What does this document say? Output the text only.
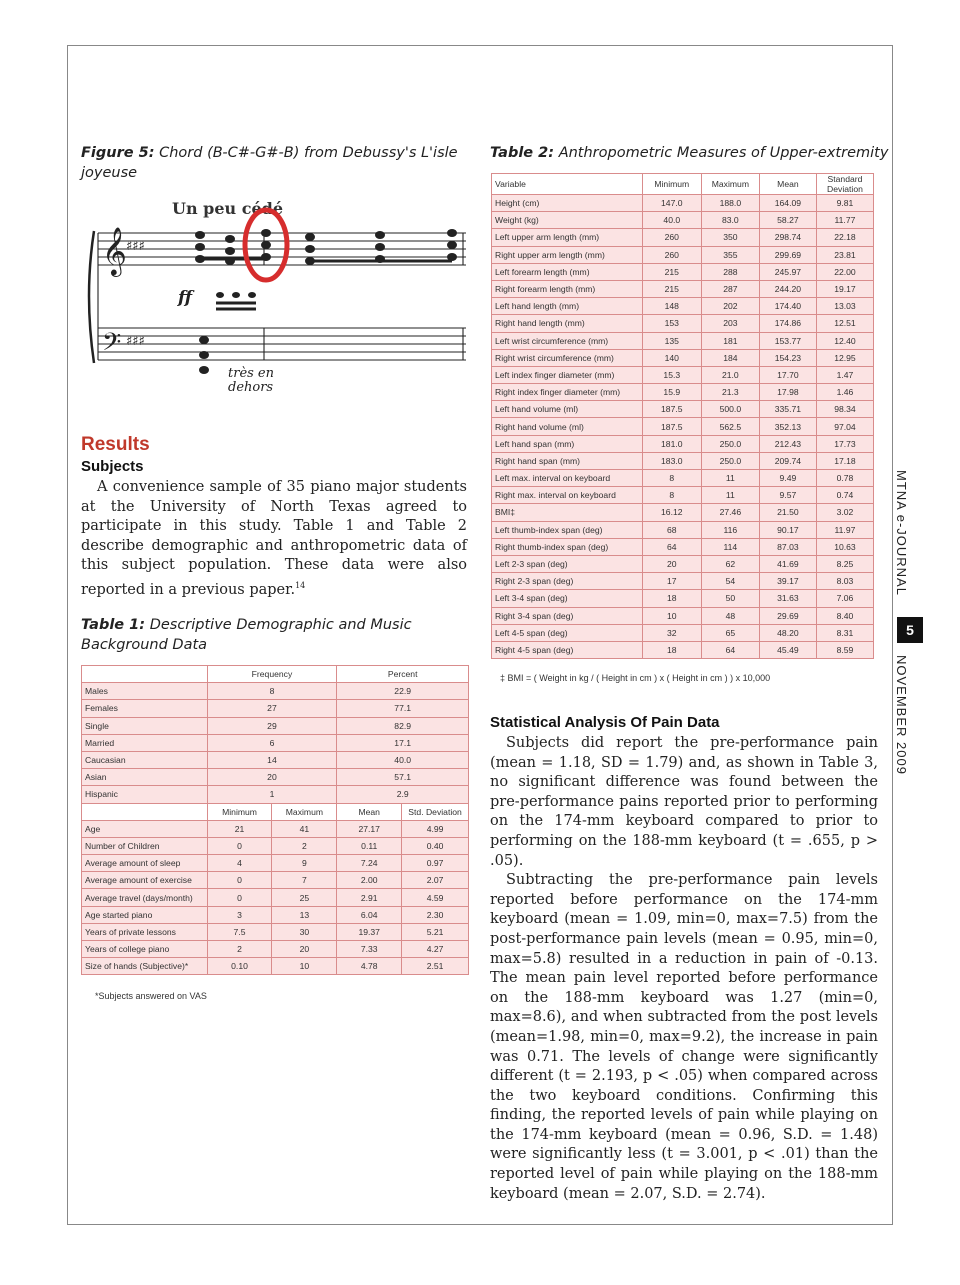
Figure 5: Chord (B-C#-G#-B) from Debussy's L'isle joyeuse
Un peu cédé
𝄞
𝄢
♯♯♯
♯♯♯
ff
très en
dehors
Results
Subjects
A convenience sample of 35 piano major students at the University of North Texas agreed to participate in this study. Table 1 and Table 2 describe demographic and anthropometric data of this subject population. These data were also reported in a previous paper.$^{14}$
Table 1: Descriptive Demographic and Music Background Data
	Frequency		Percent	
Males	8		22.9	
Females	27		77.1	
Single	29		82.9	
Married	6		17.1	
Caucasian	14		40.0	
Asian	20		57.1	
Hispanic	1		2.9	
	Minimum	Maximum	Mean	Std. Deviation
Age	21	41	27.17	4.99
Number of Children	0	2	0.11	0.40
Average amount of sleep	4	9	7.24	0.97
Average amount of exercise	0	7	2.00	2.07
Average travel (days/month)	0	25	2.91	4.59
Age started piano	3	13	6.04	2.30
Years of private lessons	7.5	30	19.37	5.21
Years of college piano	2	20	7.33	4.27
Size of hands (Subjective)*	0.10	10	4.78	2.51
*Subjects answered on VAS
Table 2: Anthropometric Measures of Upper-extremity
Variable	Minimum	Maximum	Mean	Standard Deviation
Height (cm)	147.0	188.0	164.09	9.81
Weight (kg)	40.0	83.0	58.27	11.77
Left upper arm length (mm)	260	350	298.74	22.18
Right upper arm length (mm)	260	355	299.69	23.81
Left forearm length (mm)	215	288	245.97	22.00
Right forearm length (mm)	215	287	244.20	19.17
Left hand length (mm)	148	202	174.40	13.03
Right hand length (mm)	153	203	174.86	12.51
Left wrist circumference (mm)	135	181	153.77	12.40
Right wrist circumference (mm)	140	184	154.23	12.95
Left index finger diameter (mm)	15.3	21.0	17.70	1.47
Right index finger diameter (mm)	15.9	21.3	17.98	1.46
Left hand volume (ml)	187.5	500.0	335.71	98.34
Right hand volume (ml)	187.5	562.5	352.13	97.04
Left hand span (mm)	181.0	250.0	212.43	17.73
Right hand span (mm)	183.0	250.0	209.74	17.18
Left max. interval on keyboard	8	11	9.49	0.78
Right max. interval on keyboard	8	11	9.57	0.74
BMI‡	16.12	27.46	21.50	3.02
Left thumb-index span (deg)	68	116	90.17	11.97
Right thumb-index span (deg)	64	114	87.03	10.63
Left 2-3 span (deg)	20	62	41.69	8.25
Right 2-3 span (deg)	17	54	39.17	8.03
Left 3-4 span (deg)	18	50	31.63	7.06
Right 3-4 span (deg)	10	48	29.69	8.40
Left 4-5 span (deg)	32	65	48.20	8.31
Right 4-5 span (deg)	18	64	45.49	8.59
‡ BMI = ( Weight in kg / ( Height in cm ) x ( Height in cm ) ) x 10,000
Statistical Analysis Of Pain Data
Subjects did report the pre-performance pain (mean = 1.18, SD = 1.79) and, as shown in Table 3, no significant difference was found between the pre-performance pains reported prior to performing on the 174-mm keyboard compared to prior to performing on the 188-mm keyboard (t = .655, p > .05).
Subtracting the pre-performance pain levels reported before performance on the 174-mm keyboard (mean = 1.09, min=0, max=7.5) from the post-performance pain levels (mean = 0.95, min=0, max=5.8) resulted in a reduction in pain of -0.13. The mean pain level reported before performance on the 188-mm keyboard was 1.27 (min=0, max=8.6), and when subtracted from the post levels (mean=1.98, min=0, max=9.2), the increase in pain was 0.71. The levels of change were significantly different (t = 2.193, p < .05) when compared across the two keyboard conditions. Confirming this finding, the reported levels of pain while playing on the 174-mm keyboard (mean = 0.96, S.D. = 1.48) were significantly less (t = 3.001, p < .01) than the reported level of pain while playing on the 188-mm keyboard (mean = 2.07, S.D. = 2.74).
MTNA e-JOURNAL
5
NOVEMBER 2009
